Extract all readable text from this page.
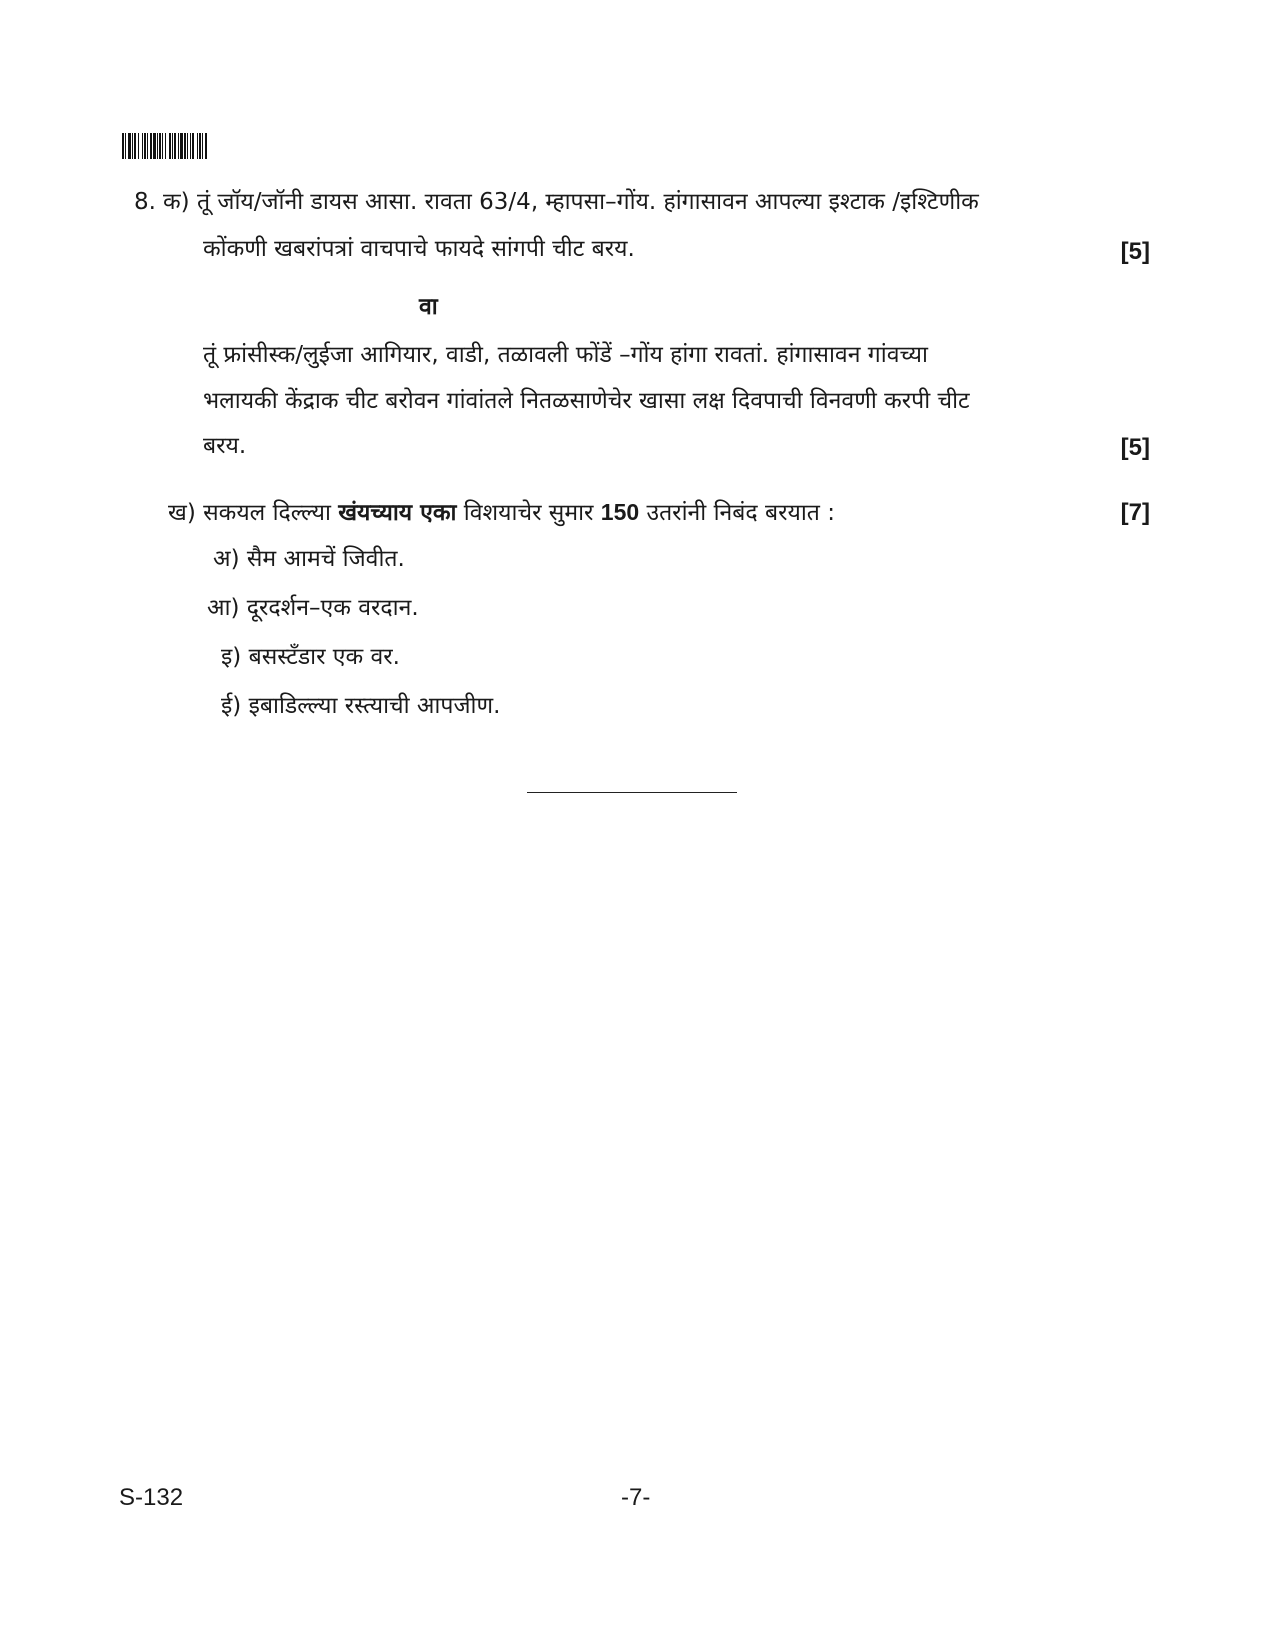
8. क) तूं जॉय/जॉनी डायस आसा. रावता 63/4, म्हापसा–गोंय. हांगासावन आपल्या इश्टाक /इश्टिणीक
कोंकणी खबरांपत्रां वाचपाचे फायदे सांगपी चीट बरय.	[5]
वा
तूं फ्रांसीस्क/लुईजा आगियार, वाडी, तळावली फोंडें –गोंय हांगा रावतां. हांगासावन गांवच्या
भलायकी केंद्राक चीट बरोवन गांवांतले नितळसाणेचेर खासा लक्ष दिवपाची विनवणी करपी चीट
बरय.	[5]
ख) सकयल दिल्ल्या खंयच्याय एका विशयाचेर सुमार 150 उतरांनी निबंद बरयात :	[7]
अ) सैम आमचें जिवीत.
आ) दूरदर्शन–एक वरदान.
इ) बसस्टँडार एक वर.
ई) इबाडिल्ल्या रस्त्याची आपजीण.
S-132	-7-
